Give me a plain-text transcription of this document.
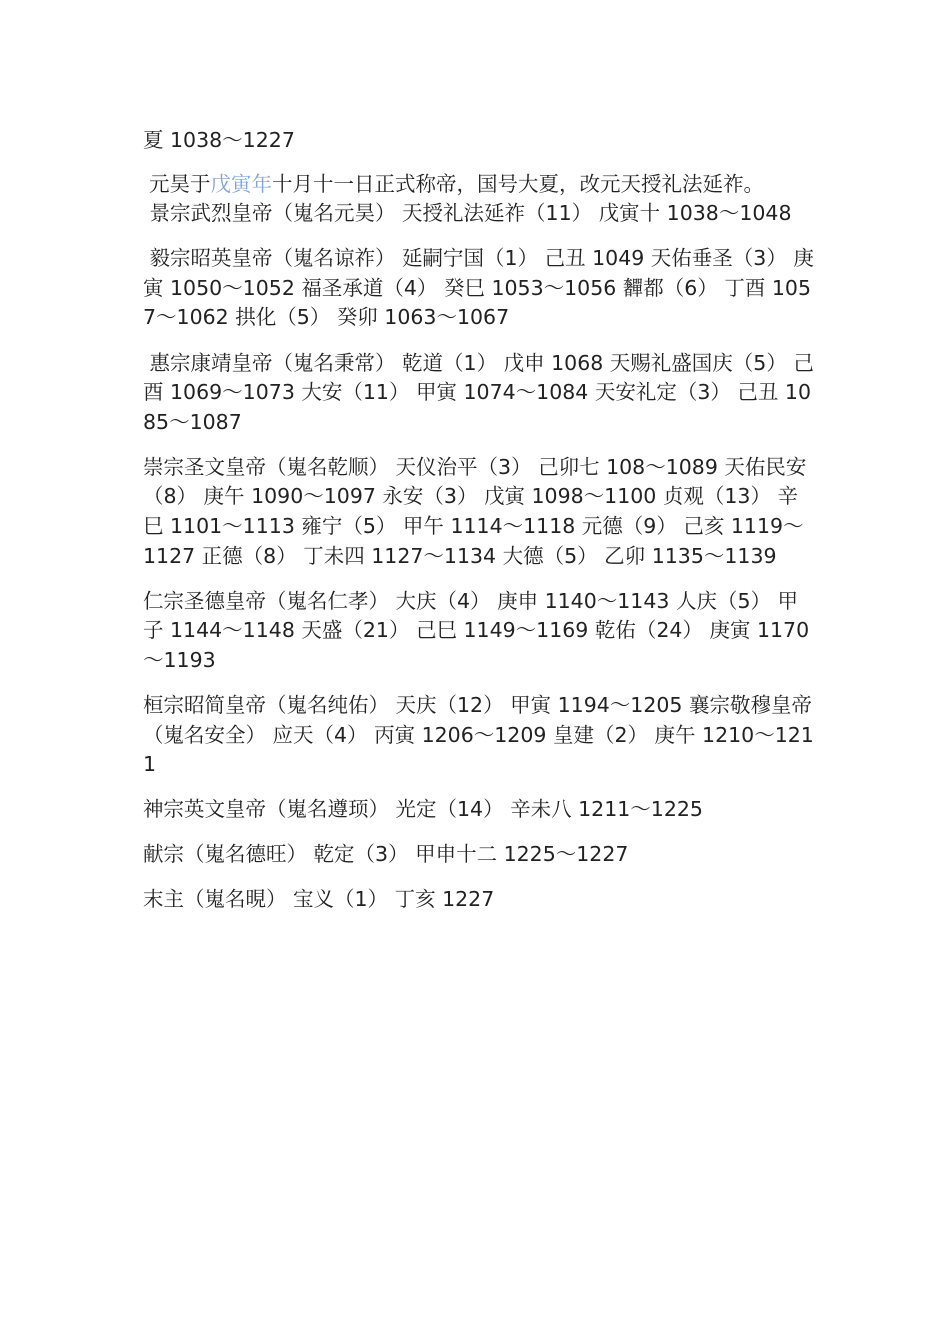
夏 1038～1227
元昊于戊寅年十月十一日正式称帝，国号大夏，改元天授礼法延祚。
景宗武烈皇帝（嵬名元昊） 天授礼法延祚（11） 戊寅十 1038～1048
毅宗昭英皇帝（嵬名谅祚） 延嗣宁国（1） 己丑 1049 天佑垂圣（3） 庚寅 1050～1052 福圣承道（4） 癸巳 1053～1056 奲都（6） 丁酉 1057～1062 拱化（5） 癸卯 1063～1067
惠宗康靖皇帝（嵬名秉常） 乾道（1） 戊申 1068 天赐礼盛国庆（5） 己酉 1069～1073 大安（11） 甲寅 1074～1084 天安礼定（3） 己丑 1085～1087
崇宗圣文皇帝（嵬名乾顺） 天仪治平（3） 己卯七 108～1089 天佑民安（8） 庚午 1090～1097 永安（3） 戊寅 1098～1100 贞观（13） 辛巳 1101～1113 雍宁（5） 甲午 1114～1118 元德（9） 己亥 1119～1127 正德（8） 丁未四 1127～1134 大德（5） 乙卯 1135～1139
仁宗圣德皇帝（嵬名仁孝） 大庆（4） 庚申 1140～1143 人庆（5） 甲子 1144～1148 天盛（21） 己巳 1149～1169 乾佑（24） 庚寅 1170～1193
桓宗昭简皇帝（嵬名纯佑） 天庆（12） 甲寅 1194～1205 襄宗敬穆皇帝（嵬名安全） 应天（4） 丙寅 1206～1209 皇建（2） 庚午 1210～1211
神宗英文皇帝（嵬名遵顼） 光定（14） 辛未八 1211～1225
献宗（嵬名德旺） 乾定（3） 甲申十二 1225～1227
末主（嵬名晛） 宝义（1） 丁亥 1227
